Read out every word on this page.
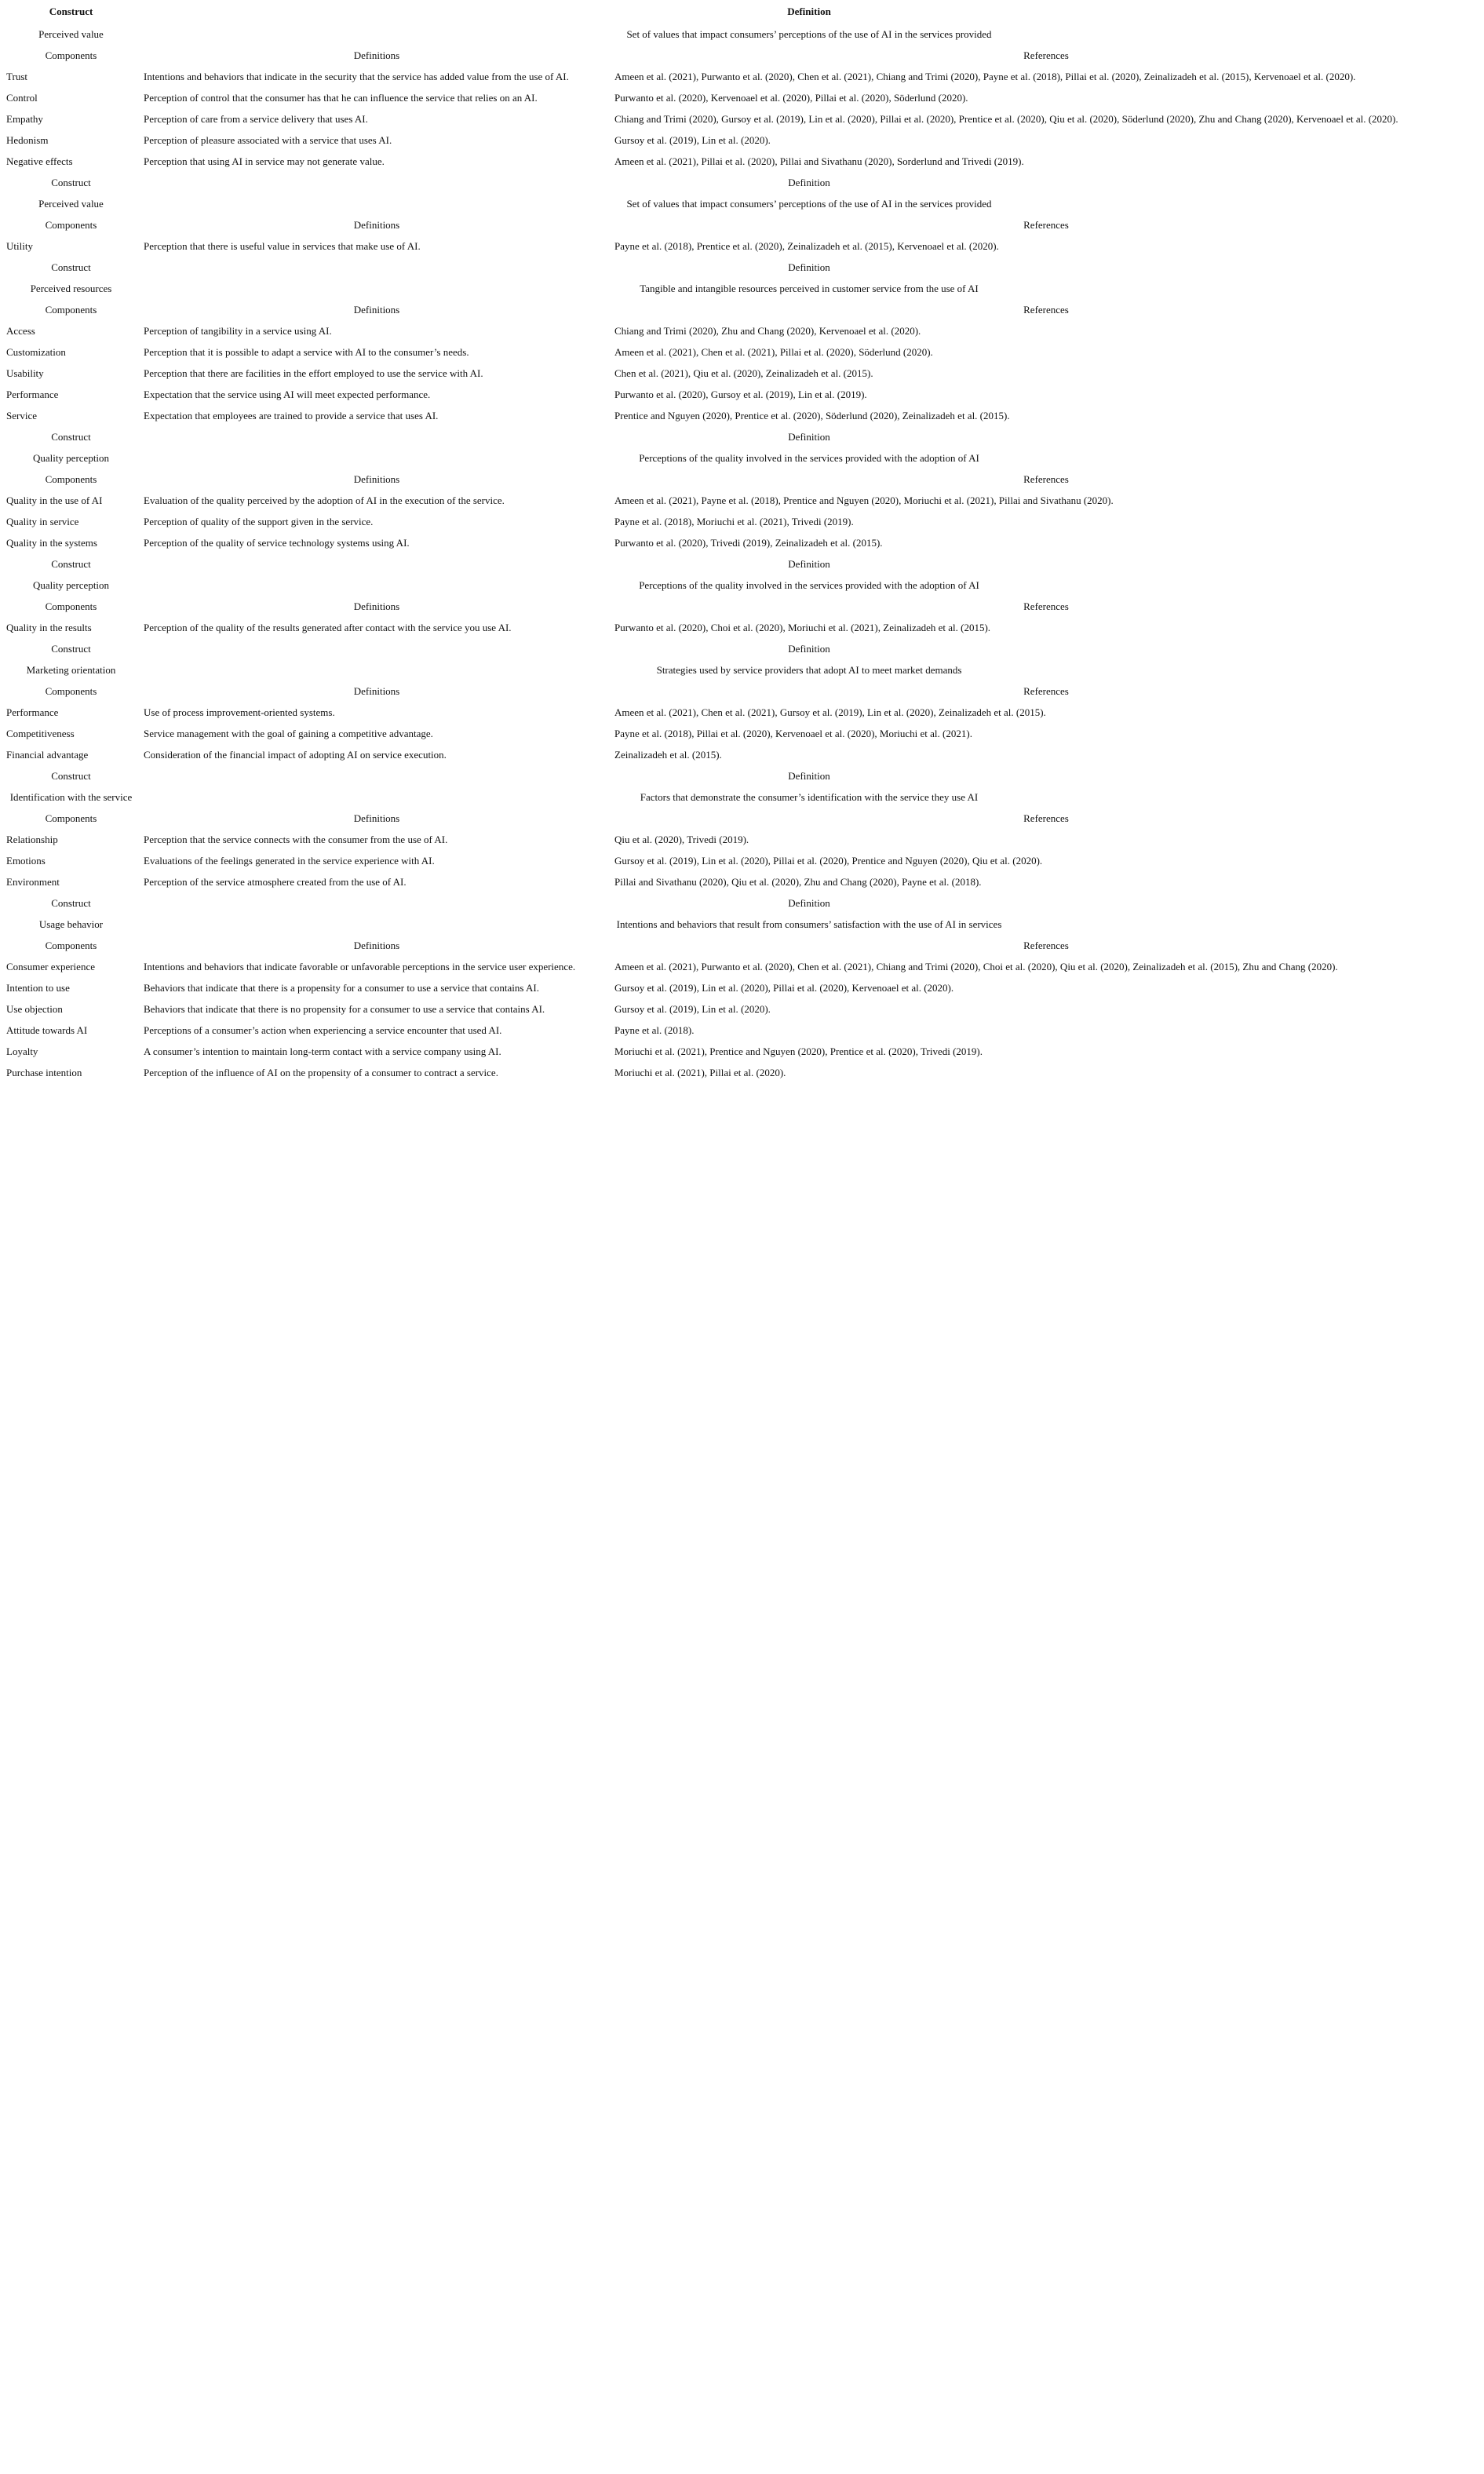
Construct	Definition
Perceived value	Set of values that impact consumers’ perceptions of the use of AI in the services provided
Components	Definitions	References
Trust	Intentions and behaviors that indicate in the security that the service has added value from the use of AI.	Ameen et al. (2021), Purwanto et al. (2020), Chen et al. (2021), Chiang and Trimi (2020), Payne et al. (2018), Pillai et al. (2020), Zeinalizadeh et al. (2015), Kervenoael et al. (2020).
Control	Perception of control that the consumer has that he can influence the service that relies on an AI.	Purwanto et al. (2020), Kervenoael et al. (2020), Pillai et al. (2020), Söderlund (2020).
Empathy	Perception of care from a service delivery that uses AI.	Chiang and Trimi (2020), Gursoy et al. (2019), Lin et al. (2020), Pillai et al. (2020), Prentice et al. (2020), Qiu et al. (2020), Söderlund (2020), Zhu and Chang (2020), Kervenoael et al. (2020).
Hedonism	Perception of pleasure associated with a service that uses AI.	Gursoy et al. (2019), Lin et al. (2020).
Negative effects	Perception that using AI in service may not generate value.	Ameen et al. (2021), Pillai et al. (2020), Pillai and Sivathanu (2020), Sorderlund and Trivedi (2019).
Construct	Definition
Perceived value	Set of values that impact consumers’ perceptions of the use of AI in the services provided
Components	Definitions	References
Utility	Perception that there is useful value in services that make use of AI.	Payne et al. (2018), Prentice et al. (2020), Zeinalizadeh et al. (2015), Kervenoael et al. (2020).
Construct	Definition
Perceived resources	Tangible and intangible resources perceived in customer service from the use of AI
Components	Definitions	References
Access	Perception of tangibility in a service using AI.	Chiang and Trimi (2020), Zhu and Chang (2020), Kervenoael et al. (2020).
Customization	Perception that it is possible to adapt a service with AI to the consumer’s needs.	Ameen et al. (2021), Chen et al. (2021), Pillai et al. (2020), Söderlund (2020).
Usability	Perception that there are facilities in the effort employed to use the service with AI.	Chen et al. (2021), Qiu et al. (2020), Zeinalizadeh et al. (2015).
Performance	Expectation that the service using AI will meet expected performance.	Purwanto et al. (2020), Gursoy et al. (2019), Lin et al. (2019).
Service	Expectation that employees are trained to provide a service that uses AI.	Prentice and Nguyen (2020), Prentice et al. (2020), Söderlund (2020), Zeinalizadeh et al. (2015).
Construct	Definition
Quality perception	Perceptions of the quality involved in the services provided with the adoption of AI
Components	Definitions	References
Quality in the use of AI	Evaluation of the quality perceived by the adoption of AI in the execution of the service.	Ameen et al. (2021), Payne et al. (2018), Prentice and Nguyen (2020), Moriuchi et al. (2021), Pillai and Sivathanu (2020).
Quality in service	Perception of quality of the support given in the service.	Payne et al. (2018), Moriuchi et al. (2021), Trivedi (2019).
Quality in the systems	Perception of the quality of service technology systems using AI.	Purwanto et al. (2020), Trivedi (2019), Zeinalizadeh et al. (2015).
Construct	Definition
Quality perception	Perceptions of the quality involved in the services provided with the adoption of AI
Components	Definitions	References
Quality in the results	Perception of the quality of the results generated after contact with the service you use AI.	Purwanto et al. (2020), Choi et al. (2020), Moriuchi et al. (2021), Zeinalizadeh et al. (2015).
Construct	Definition
Marketing orientation	Strategies used by service providers that adopt AI to meet market demands
Components	Definitions	References
Performance	Use of process improvement-oriented systems.	Ameen et al. (2021), Chen et al. (2021), Gursoy et al. (2019), Lin et al. (2020), Zeinalizadeh et al. (2015).
Competitiveness	Service management with the goal of gaining a competitive advantage.	Payne et al. (2018), Pillai et al. (2020), Kervenoael et al. (2020), Moriuchi et al. (2021).
Financial advantage	Consideration of the financial impact of adopting AI on service execution.	Zeinalizadeh et al. (2015).
Construct	Definition
Identification with the service	Factors that demonstrate the consumer’s identification with the service they use AI
Components	Definitions	References
Relationship	Perception that the service connects with the consumer from the use of AI.	Qiu et al. (2020), Trivedi (2019).
Emotions	Evaluations of the feelings generated in the service experience with AI.	Gursoy et al. (2019), Lin et al. (2020), Pillai et al. (2020), Prentice and Nguyen (2020), Qiu et al. (2020).
Environment	Perception of the service atmosphere created from the use of AI.	Pillai and Sivathanu (2020), Qiu et al. (2020), Zhu and Chang (2020), Payne et al. (2018).
Construct	Definition
Usage behavior	Intentions and behaviors that result from consumers’ satisfaction with the use of AI in services
Components	Definitions	References
Consumer experience	Intentions and behaviors that indicate favorable or unfavorable perceptions in the service user experience.	Ameen et al. (2021), Purwanto et al. (2020), Chen et al. (2021), Chiang and Trimi (2020), Choi et al. (2020), Qiu et al. (2020), Zeinalizadeh et al. (2015), Zhu and Chang (2020).
Intention to use	Behaviors that indicate that there is a propensity for a consumer to use a service that contains AI.	Gursoy et al. (2019), Lin et al. (2020), Pillai et al. (2020), Kervenoael et al. (2020).
Use objection	Behaviors that indicate that there is no propensity for a consumer to use a service that contains AI.	Gursoy et al. (2019), Lin et al. (2020).
Attitude towards AI	Perceptions of a consumer’s action when experiencing a service encounter that used AI.	Payne et al. (2018).
Loyalty	A consumer’s intention to maintain long-term contact with a service company using AI.	Moriuchi et al. (2021), Prentice and Nguyen (2020), Prentice et al. (2020), Trivedi (2019).
Purchase intention	Perception of the influence of AI on the propensity of a consumer to contract a service.	Moriuchi et al. (2021), Pillai et al. (2020).
